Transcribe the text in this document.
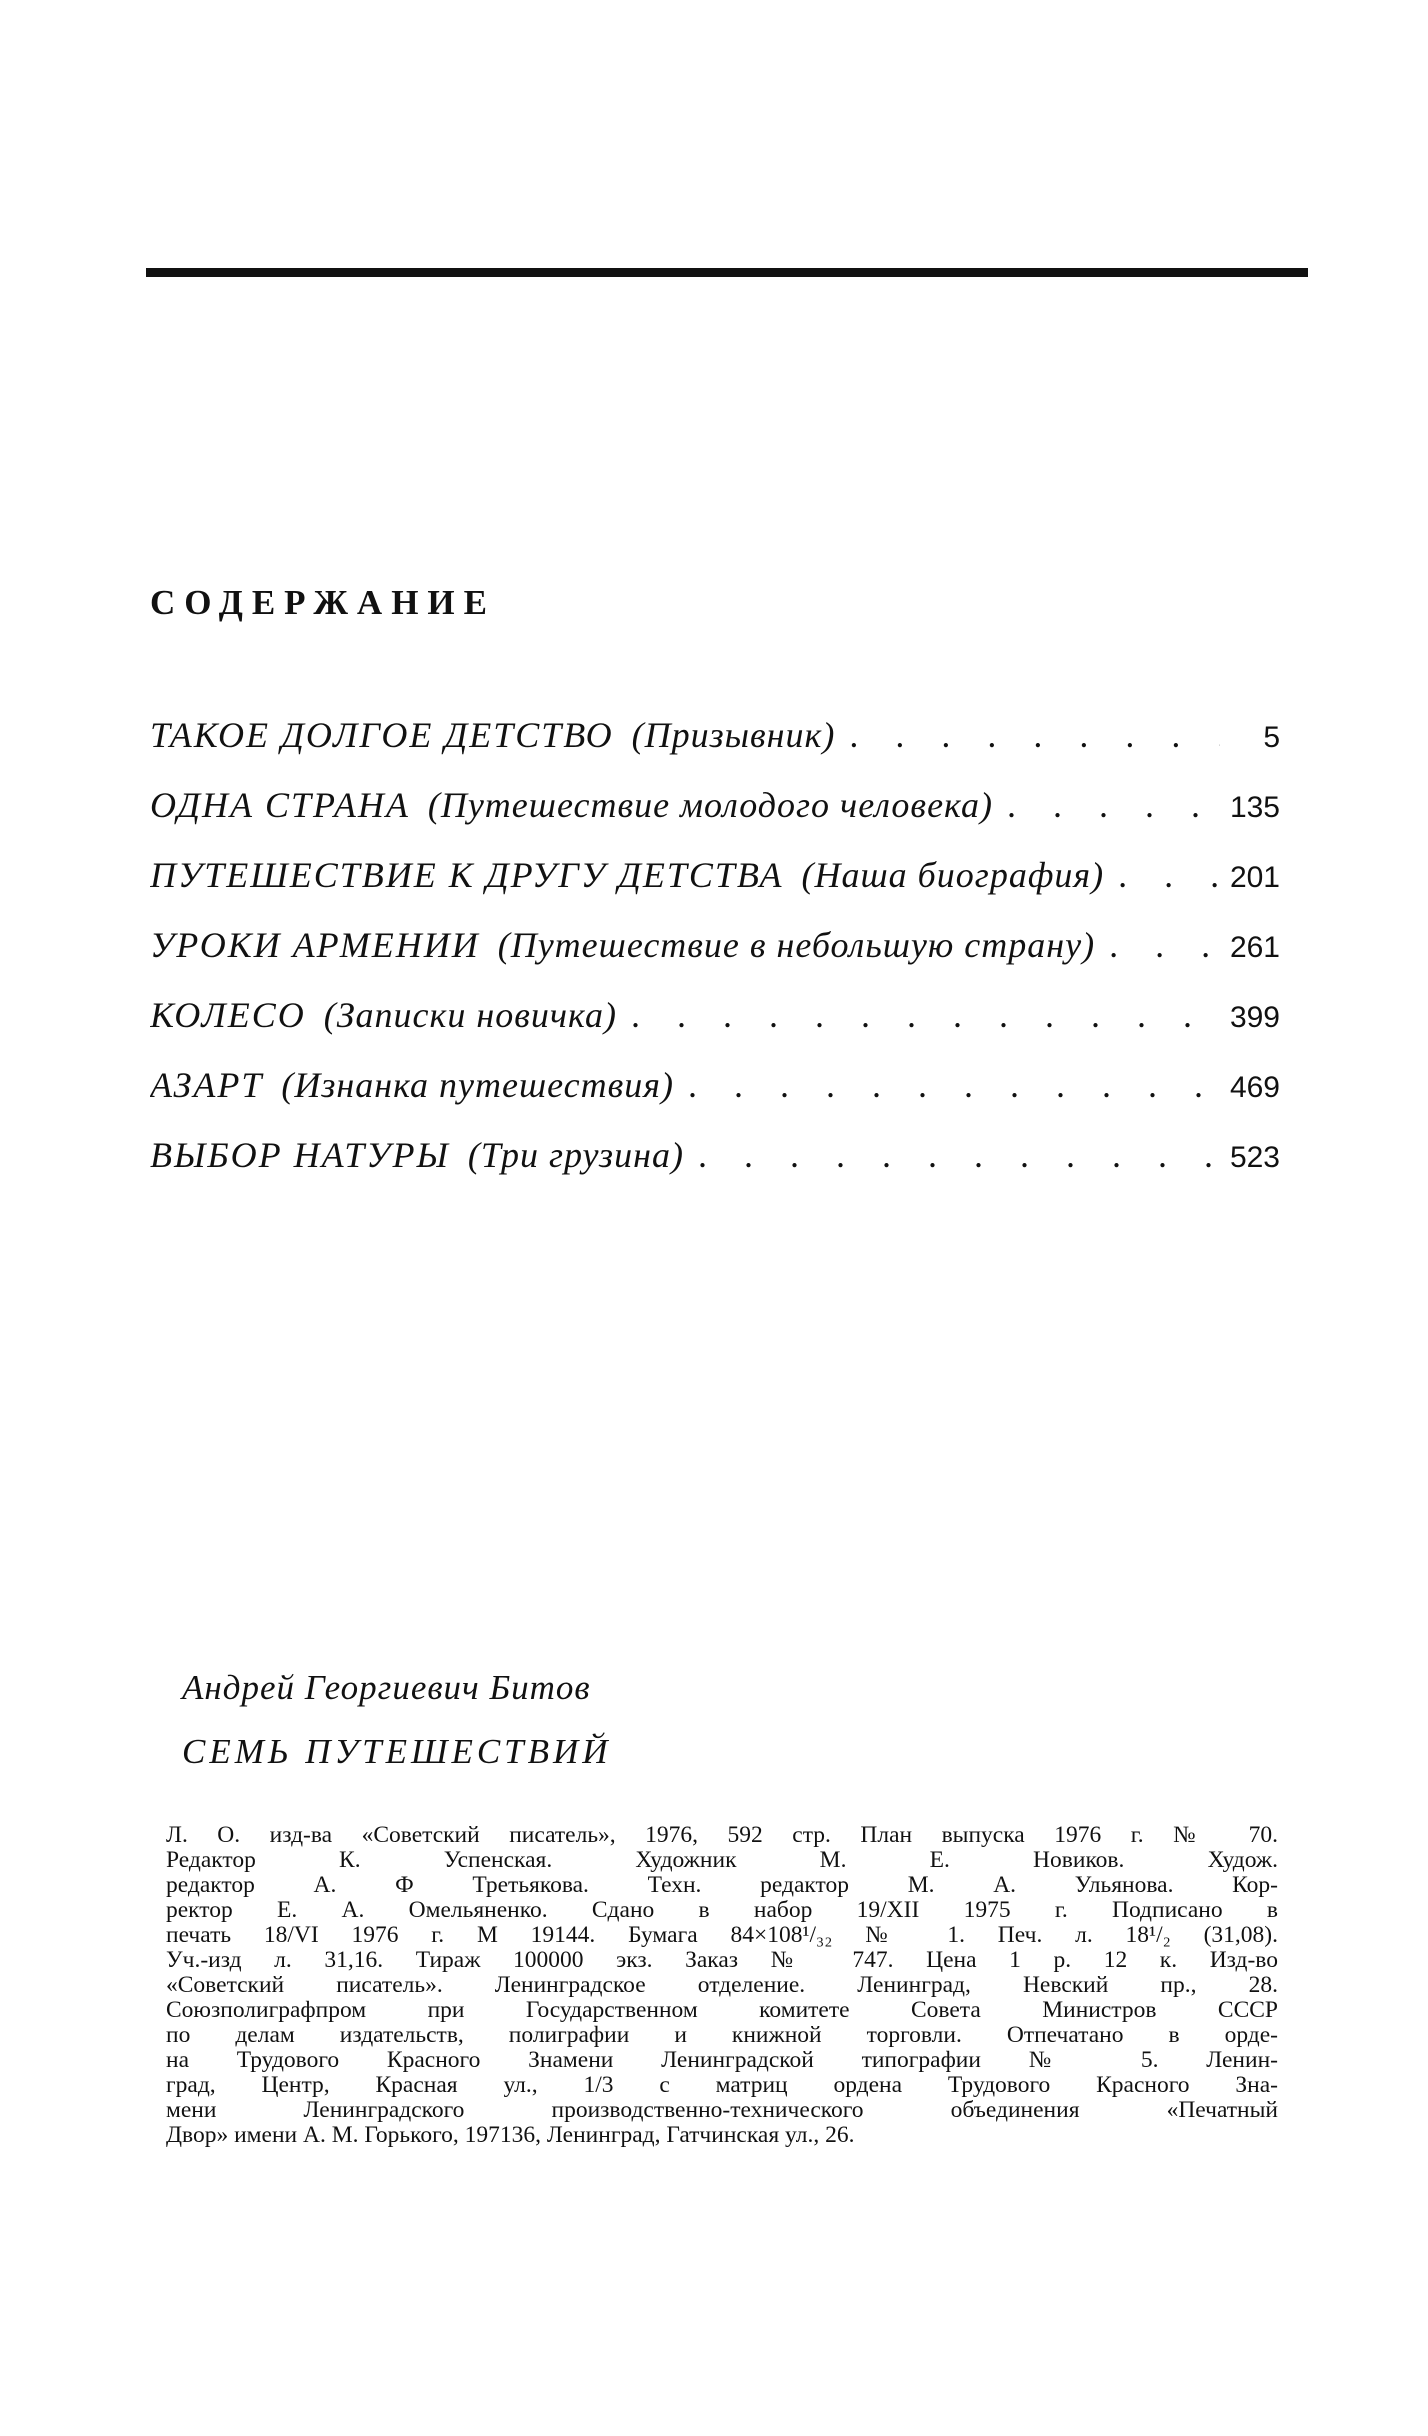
СОДЕРЖАНИЕ
ТАКОЕ ДОЛГОЕ ДЕТСТВО (Призывник) . . .	5
ОДНА СТРАНА (Путешествие молодого человека) . . .	135
ПУТЕШЕСТВИЕ К ДРУГУ ДЕТСТВА (Наша биография) . . .	201
УРОКИ АРМЕНИИ (Путешествие в небольшую страну) . . .	261
КОЛЕСО (Записки новичка) . . .	399
АЗАРТ (Изнанка путешествия) . . .	469
ВЫБОР НАТУРЫ (Три грузина) . . .	523
Андрей Георгиевич Битов
СЕМЬ ПУТЕШЕСТВИЙ
Л. О. изд-ва «Советский писатель», 1976, 592 стр. План выпуска 1976 г. № 70.
Редактор К. Успенская. Художник М. Е. Новиков. Худож.
редактор А. Ф Третьякова. Техн. редактор М. А. Ульянова. Кор-
ректор Е. А. Омельяненко. Сдано в набор 19/XII 1975 г. Подписано в
печать 18/VI 1976 г. М 19144. Бумага 84×108¹/₃₂ № 1. Печ. л. 18¹/₂ (31,08).
Уч.-изд л. 31,16. Тираж 100000 экз. Заказ № 747. Цена 1 р. 12 к. Изд-во
«Советский писатель». Ленинградское отделение. Ленинград, Невский пр., 28.
Союзполиграфпром при Государственном комитете Совета Министров СССР
по делам издательств, полиграфии и книжной торговли. Отпечатано в орде-
на Трудового Красного Знамени Ленинградской типографии № 5. Ленин-
град, Центр, Красная ул., 1/3 с матриц ордена Трудового Красного Зна-
мени Ленинградского производственно-технического объединения «Печатный
Двор» имени А. М. Горького, 197136, Ленинград, Гатчинская ул., 26.
